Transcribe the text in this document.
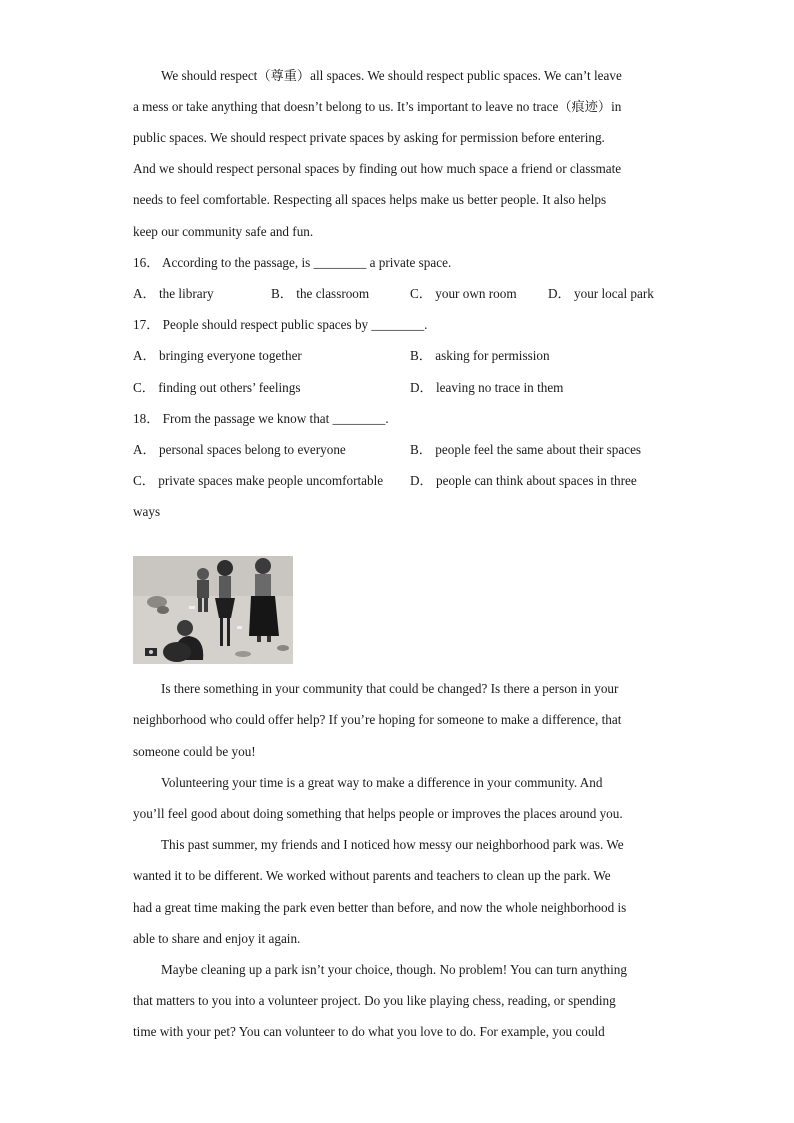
We should respect（尊重）all spaces. We should respect public spaces. We can’t leave
a mess or take anything that doesn’t belong to us. It’s important to leave no trace（痕迹）in
public spaces. We should respect private spaces by asking for permission before entering.
And we should respect personal spaces by finding out how much space a friend or classmate
needs to feel comfortable. Respecting all spaces helps make us better people. It also helps
keep our community safe and fun.
16． According to the passage, is ________ a private space.
A． the library	B． the classroom	C． your own room D． your local park
17． People should respect public spaces by ________.
A． bringing everyone together	B． asking for permission
C． finding out others’ feelings	D． leaving no trace in them
18． From the passage we know that ________.
A． personal spaces belong to everyone	B． people feel the same about their spaces
C． private spaces make people uncomfortable D． people can think about spaces in three
ways
Is there something in your community that could be changed? Is there a person in your
neighborhood who could offer help? If you’re hoping for someone to make a difference, that
someone could be you!
Volunteering your time is a great way to make a difference in your community. And
you’ll feel good about doing something that helps people or improves the places around you.
This past summer, my friends and I noticed how messy our neighborhood park was. We
wanted it to be different. We worked without parents and teachers to clean up the park. We
had a great time making the park even better than before, and now the whole neighborhood is
able to share and enjoy it again.
Maybe cleaning up a park isn’t your choice, though. No problem! You can turn anything
that matters to you into a volunteer project. Do you like playing chess, reading, or spending
time with your pet? You can volunteer to do what you love to do. For example, you could
